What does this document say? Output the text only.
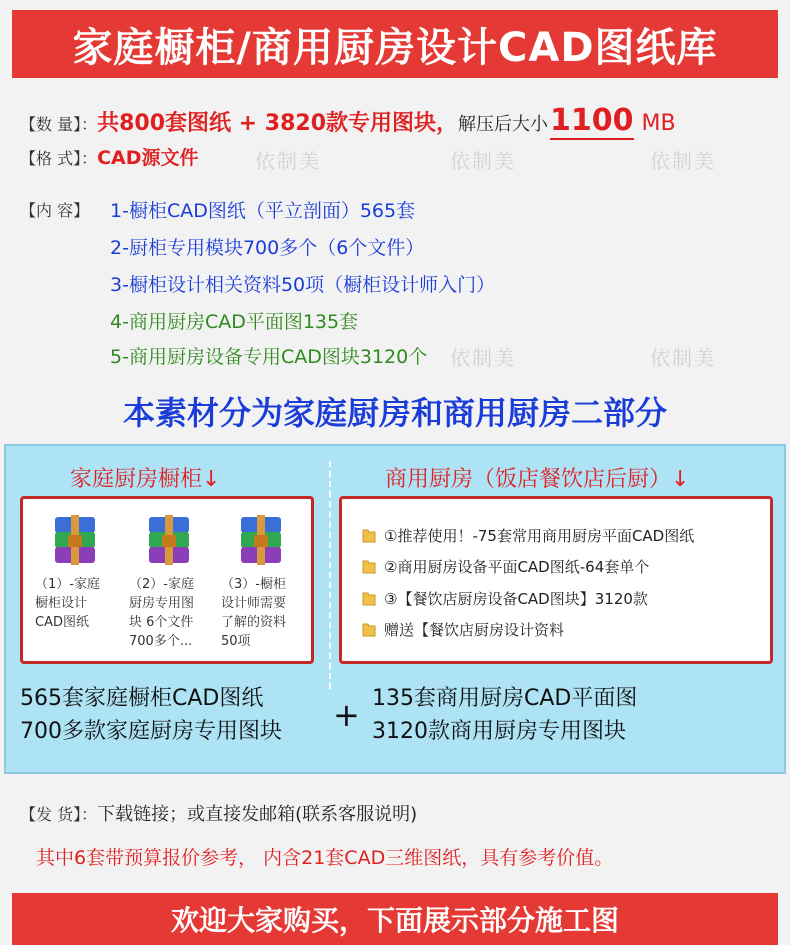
依制美	依制美	依制美
依制美	依制美
家庭橱柜/商用厨房设计CAD图纸库
【数 量】： 共800套图纸 + 3820款专用图块， 解压后大小 1100 MB
【格 式】： CAD源文件
【内 容】 1-橱柜CAD图纸（平立剖面）565套
2-厨柜专用模块700多个（6个文件）
3-橱柜设计相关资料50项（橱柜设计师入门）
4-商用厨房CAD平面图135套
5-商用厨房设备专用CAD图块3120个
本素材分为家庭厨房和商用厨房二部分
家庭厨房橱柜↓	商用厨房（饭店餐饮店后厨）↓
（1）-家庭
橱柜设计
CAD图纸
（2）-家庭
厨房专用图
块 6个文件
700多个...
（3）-橱柜
设计师需要
了解的资料
50项
①推荐使用！-75套常用商用厨房平面CAD图纸
②商用厨房设备平面CAD图纸-64套单个
③【餐饮店厨房设备CAD图块】3120款
赠送【餐饮店厨房设计资料
565套家庭橱柜CAD图纸
700多款家庭厨房专用图块 + 135套商用厨房CAD平面图
3120款商用厨房专用图块
【发 货】： 下载链接；或直接发邮箱(联系客服说明)
其中6套带预算报价参考， 内含21套CAD三维图纸，具有参考价值。
欢迎大家购买，下面展示部分施工图
